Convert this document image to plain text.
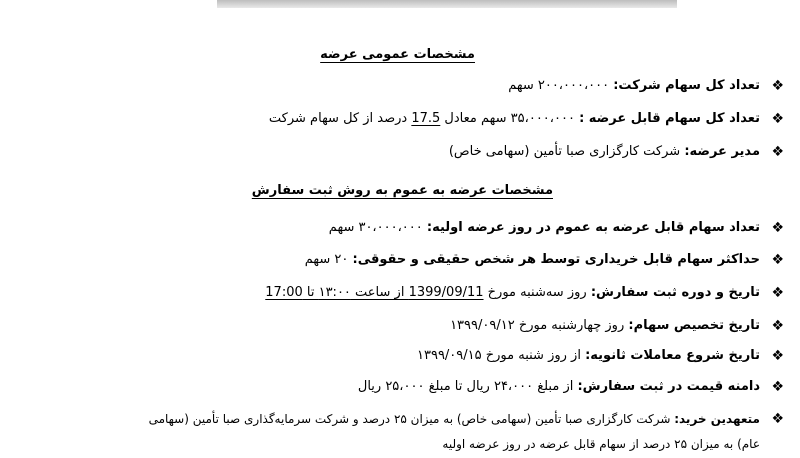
مشخصات عمومی عرضه
❖
تعداد کل سهام شرکت: ۲۰۰،۰۰۰،۰۰۰ سهم
❖
تعداد کل سهام قابل عرضه : ۳۵،۰۰۰،۰۰۰ سهم معادل 17.5 درصد از کل سهام شرکت
❖
مدیر عرضه: شرکت کارگزاری صبا تأمین (سهامی خاص)
مشخصات عرضه به عموم به روش ثبت سفارش
❖
تعداد سهام قابل عرضه به عموم در روز عرضه اولیه: ۳۰،۰۰۰،۰۰۰ سهم
❖
حداکثر سهام قابل خریداری توسط هر شخص حقیقی و حقوقی: ۲۰ سهم
❖
تاریخ و دوره ثبت سفارش: روز سه‌شنبه مورخ 1399/09/11 از ساعت ۱۳:۰۰ تا 17:00
❖
تاریخ تخصیص سهام: روز چهارشنبه مورخ ۱۳۹۹/۰۹/۱۲
❖
تاریخ شروع معاملات ثانویه: از روز شنبه مورخ ۱۳۹۹/۰۹/۱۵
❖
دامنه قیمت در ثبت سفارش: از مبلغ ۲۴،۰۰۰ ریال تا مبلغ ۲۵،۰۰۰ ریال
❖
متعهدین خرید: شرکت کارگزاری صبا تأمین (سهامی خاص) به میزان ۲۵ درصد و شرکت سرمایه‌گذاری صبا تأمین (سهامی
عام) به میزان ۲۵ درصد از سهام قابل عرضه در روز عرضه اولیه
